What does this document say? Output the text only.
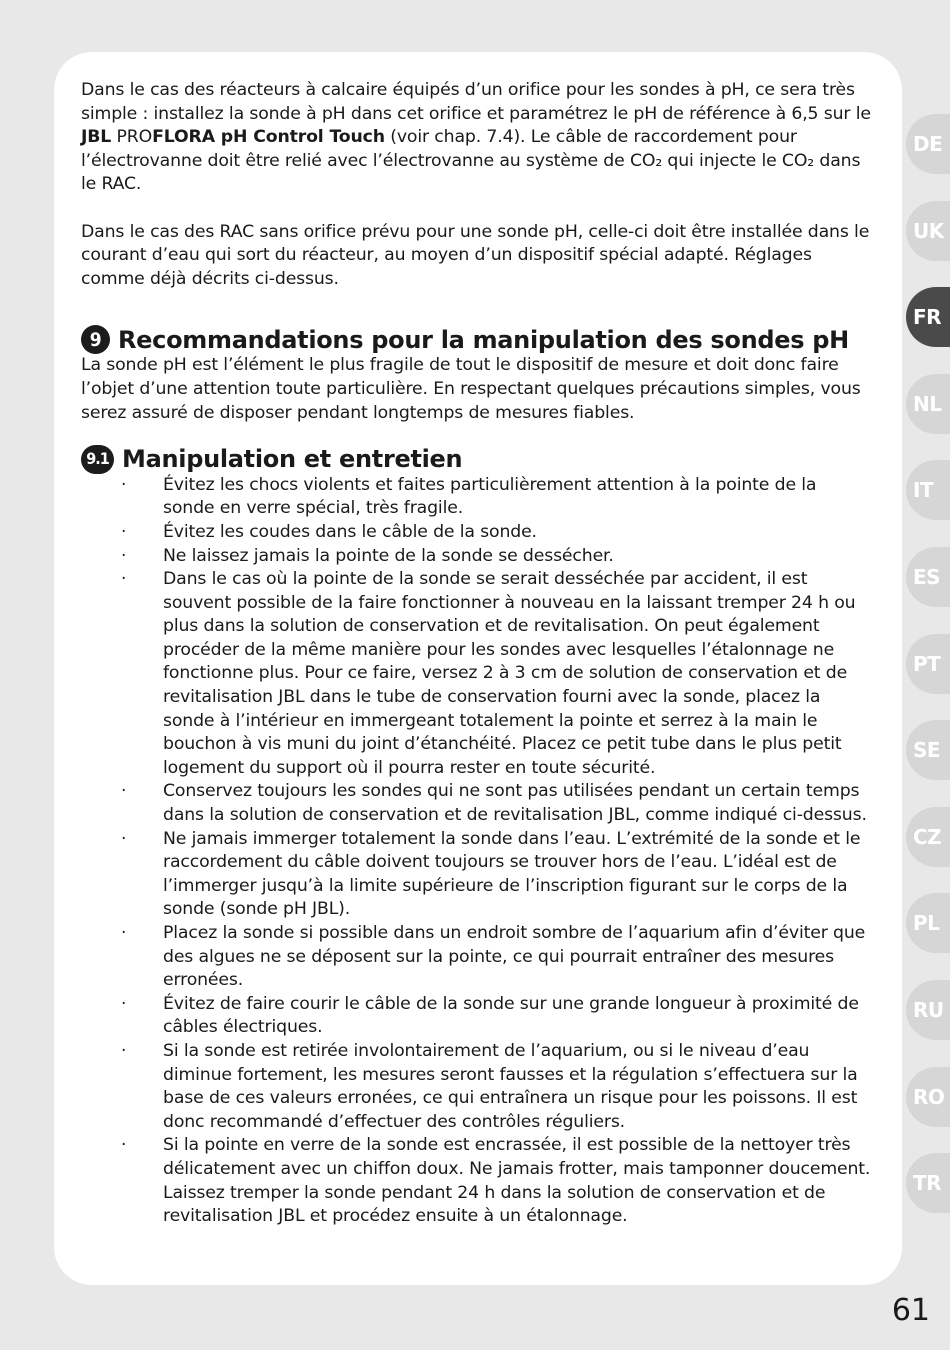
Dans le cas des réacteurs à calcaire équipés d’un orifice pour les sondes à pH, ce sera très simple : installez la sonde à pH dans cet orifice et paramétrez le pH de référence à 6,5 sur le JBL PROFLORA pH Control Touch (voir chap. 7.4). Le câble de raccordement pour l’électrovanne doit être relié avec l’électrovanne au système de CO₂ qui injecte le CO₂ dans le RAC.

Dans le cas des RAC sans orifice prévu pour une sonde pH, celle-ci doit être installée dans le courant d’eau qui sort du réacteur, au moyen d’un dispositif spécial adapté. Réglages comme déjà décrits ci-dessus.

9 Recommandations pour la manipulation des sondes pH

La sonde pH est l’élément le plus fragile de tout le dispositif de mesure et doit donc faire l’objet d’une attention toute particulière. En respectant quelques précautions simples, vous serez assuré de disposer pendant longtemps de mesures fiables.

9.1 Manipulation et entretien
· Évitez les chocs violents et faites particulièrement attention à la pointe de la sonde en verre spécial, très fragile.
· Évitez les coudes dans le câble de la sonde.
· Ne laissez jamais la pointe de la sonde se dessécher.
· Dans le cas où la pointe de la sonde se serait desséchée par accident, il est souvent possible de la faire fonctionner à nouveau en la laissant tremper 24 h ou plus dans la solution de conservation et de revitalisation. On peut également procéder de la même manière pour les sondes avec lesquelles l’étalonnage ne fonctionne plus. Pour ce faire, versez 2 à 3 cm de solution de conservation et de revitalisation JBL dans le tube de conservation fourni avec la sonde, placez la sonde à l’intérieur en immergeant totalement la pointe et serrez à la main le bouchon à vis muni du joint d’étanchéité. Placez ce petit tube dans le plus petit logement du support où il pourra rester en toute sécurité.
· Conservez toujours les sondes qui ne sont pas utilisées pendant un certain temps dans la solution de conservation et de revitalisation JBL, comme indiqué ci-dessus.
· Ne jamais immerger totalement la sonde dans l’eau. L’extrémité de la sonde et le raccordement du câble doivent toujours se trouver hors de l’eau. L’idéal est de l’immerger jusqu’à la limite supérieure de l’inscription figurant sur le corps de la sonde (sonde pH JBL).
· Placez la sonde si possible dans un endroit sombre de l’aquarium afin d’éviter que des algues ne se déposent sur la pointe, ce qui pourrait entraîner des mesures erronées.
· Évitez de faire courir le câble de la sonde sur une grande longueur à proximité de câbles électriques.
· Si la sonde est retirée involontairement de l’aquarium, ou si le niveau d’eau diminue fortement, les mesures seront fausses et la régulation s’effectuera sur la base de ces valeurs erronées, ce qui entraînera un risque pour les poissons. Il est donc recommandé d’effectuer des contrôles réguliers.
· Si la pointe en verre de la sonde est encrassée, il est possible de la nettoyer très délicatement avec un chiffon doux. Ne jamais frotter, mais tamponner doucement. Laissez tremper la sonde pendant 24 h dans la solution de conservation et de revitalisation JBL et procédez ensuite à un étalonnage.
DE
UK
FR
NL
IT
ES
PT
SE
CZ
PL
RU
RO
TR
61
